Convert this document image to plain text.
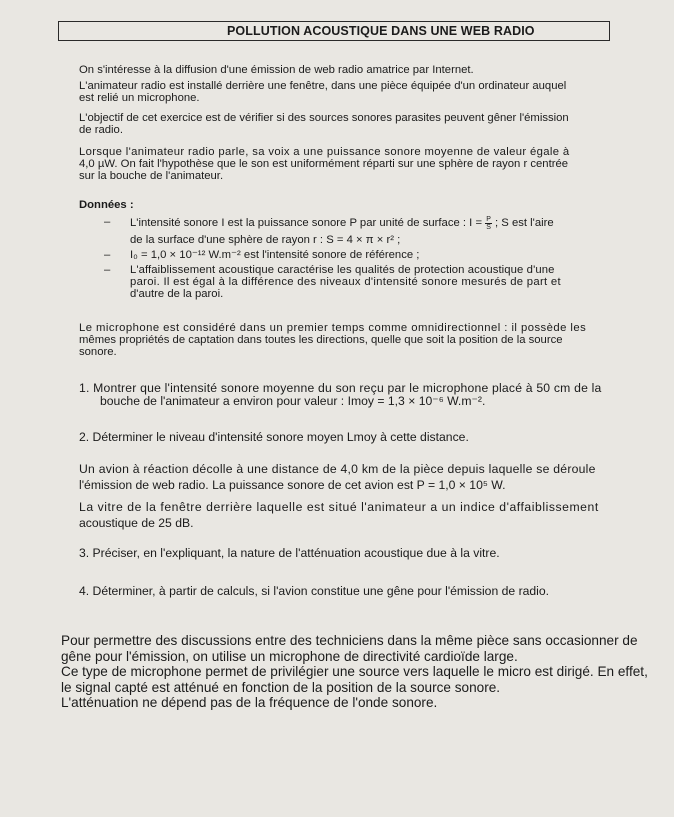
POLLUTION ACOUSTIQUE DANS UNE WEB RADIO

On s'intéresse à la diffusion d'une émission de web radio amatrice par Internet.

L'animateur radio est installé derrière une fenêtre, dans une pièce équipée d'un ordinateur auquel
est relié un microphone.

L'objectif de cet exercice est de vérifier si des sources sonores parasites peuvent gêner l'émission
de radio.

Lorsque l'animateur radio parle, sa voix a une puissance sonore moyenne de valeur égale à
4,0 µW. On fait l'hypothèse que le son est uniformément réparti sur une sphère de rayon r centrée
sur la bouche de l'animateur.

Données :

– L'intensité sonore I est la puissance sonore P par unité de surface : $I = \frac{P}{S}$ ; S est l'aire
de la surface d'une sphère de rayon r : S = 4 × π × r² ;

– I₀ = 1,0 × 10⁻¹² W.m⁻² est l'intensité sonore de référence ;

– L'affaiblissement acoustique caractérise les qualités de protection acoustique d'une
paroi. Il est égal à la différence des niveaux d'intensité sonore mesurés de part et
d'autre de la paroi.

Le microphone est considéré dans un premier temps comme omnidirectionnel : il possède les
mêmes propriétés de captation dans toutes les directions, quelle que soit la position de la source
sonore.

1. Montrer que l'intensité sonore moyenne du son reçu par le microphone placé à 50 cm de la
bouche de l'animateur a environ pour valeur : Imoy = 1,3 × 10⁻⁶ W.m⁻².

2. Déterminer le niveau d'intensité sonore moyen Lmoy à cette distance.

Un avion à réaction décolle à une distance de 4,0 km de la pièce depuis laquelle se déroule
l'émission de web radio. La puissance sonore de cet avion est P = 1,0 × 10⁵ W.

La vitre de la fenêtre derrière laquelle est situé l'animateur a un indice d'affaiblissement
acoustique de 25 dB.

3. Préciser, en l'expliquant, la nature de l'atténuation acoustique due à la vitre.

4. Déterminer, à partir de calculs, si l'avion constitue une gêne pour l'émission de radio.

Pour permettre des discussions entre des techniciens dans la même pièce sans occasionner de
gêne pour l'émission, on utilise un microphone de directivité cardioïde large.
Ce type de microphone permet de privilégier une source vers laquelle le micro est dirigé. En effet,
le signal capté est atténué en fonction de la position de la source sonore.
L'atténuation ne dépend pas de la fréquence de l'onde sonore.
